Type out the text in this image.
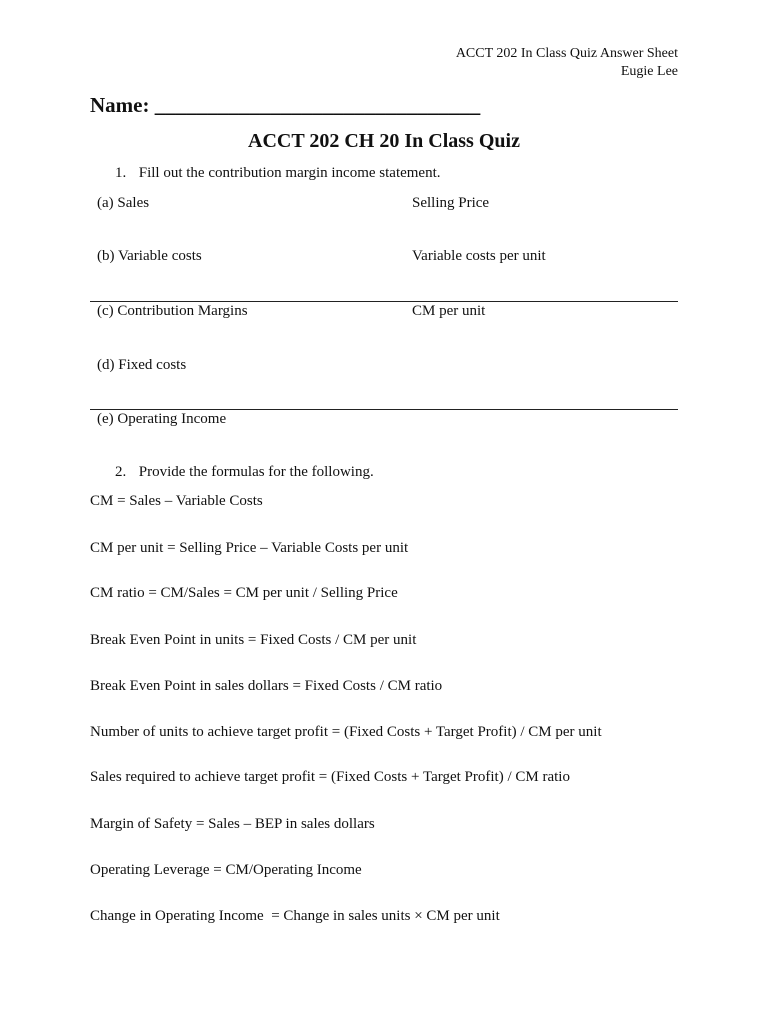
ACCT 202 In Class Quiz Answer Sheet
Eugie Lee
Name: _______________________________
ACCT 202 CH 20 In Class Quiz
1. Fill out the contribution margin income statement.
(a) Sales	Selling Price
(b) Variable costs	Variable costs per unit
(c) Contribution Margins	CM per unit
(d) Fixed costs
(e) Operating Income
2. Provide the formulas for the following.
CM = Sales – Variable Costs
CM per unit = Selling Price – Variable Costs per unit
CM ratio = CM/Sales = CM per unit / Selling Price
Break Even Point in units = Fixed Costs / CM per unit
Break Even Point in sales dollars = Fixed Costs / CM ratio
Number of units to achieve target profit = (Fixed Costs + Target Profit) / CM per unit
Sales required to achieve target profit = (Fixed Costs + Target Profit) / CM ratio
Margin of Safety = Sales – BEP in sales dollars
Operating Leverage = CM/Operating Income
Change in Operating Income  = Change in sales units × CM per unit
